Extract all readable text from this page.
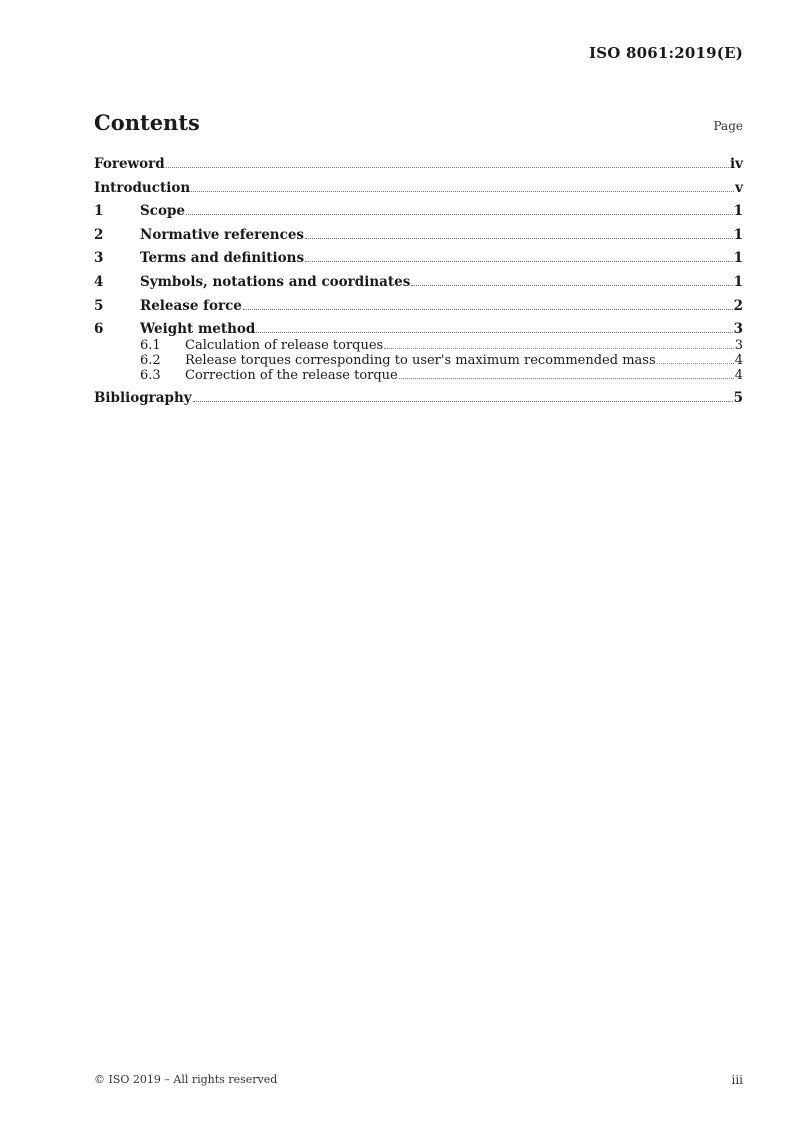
ISO 8061:2019(E)
Contents	Page
Foreword	iv
Introduction	v
1	Scope	1
2	Normative references	1
3	Terms and definitions	1
4	Symbols, notations and coordinates	1
5	Release force	2
6	Weight method	3
6.1	Calculation of release torques	3
6.2	Release torques corresponding to user's maximum recommended mass	4
6.3	Correction of the release torque	4
Bibliography	5
© ISO 2019 – All rights reserved	iii
